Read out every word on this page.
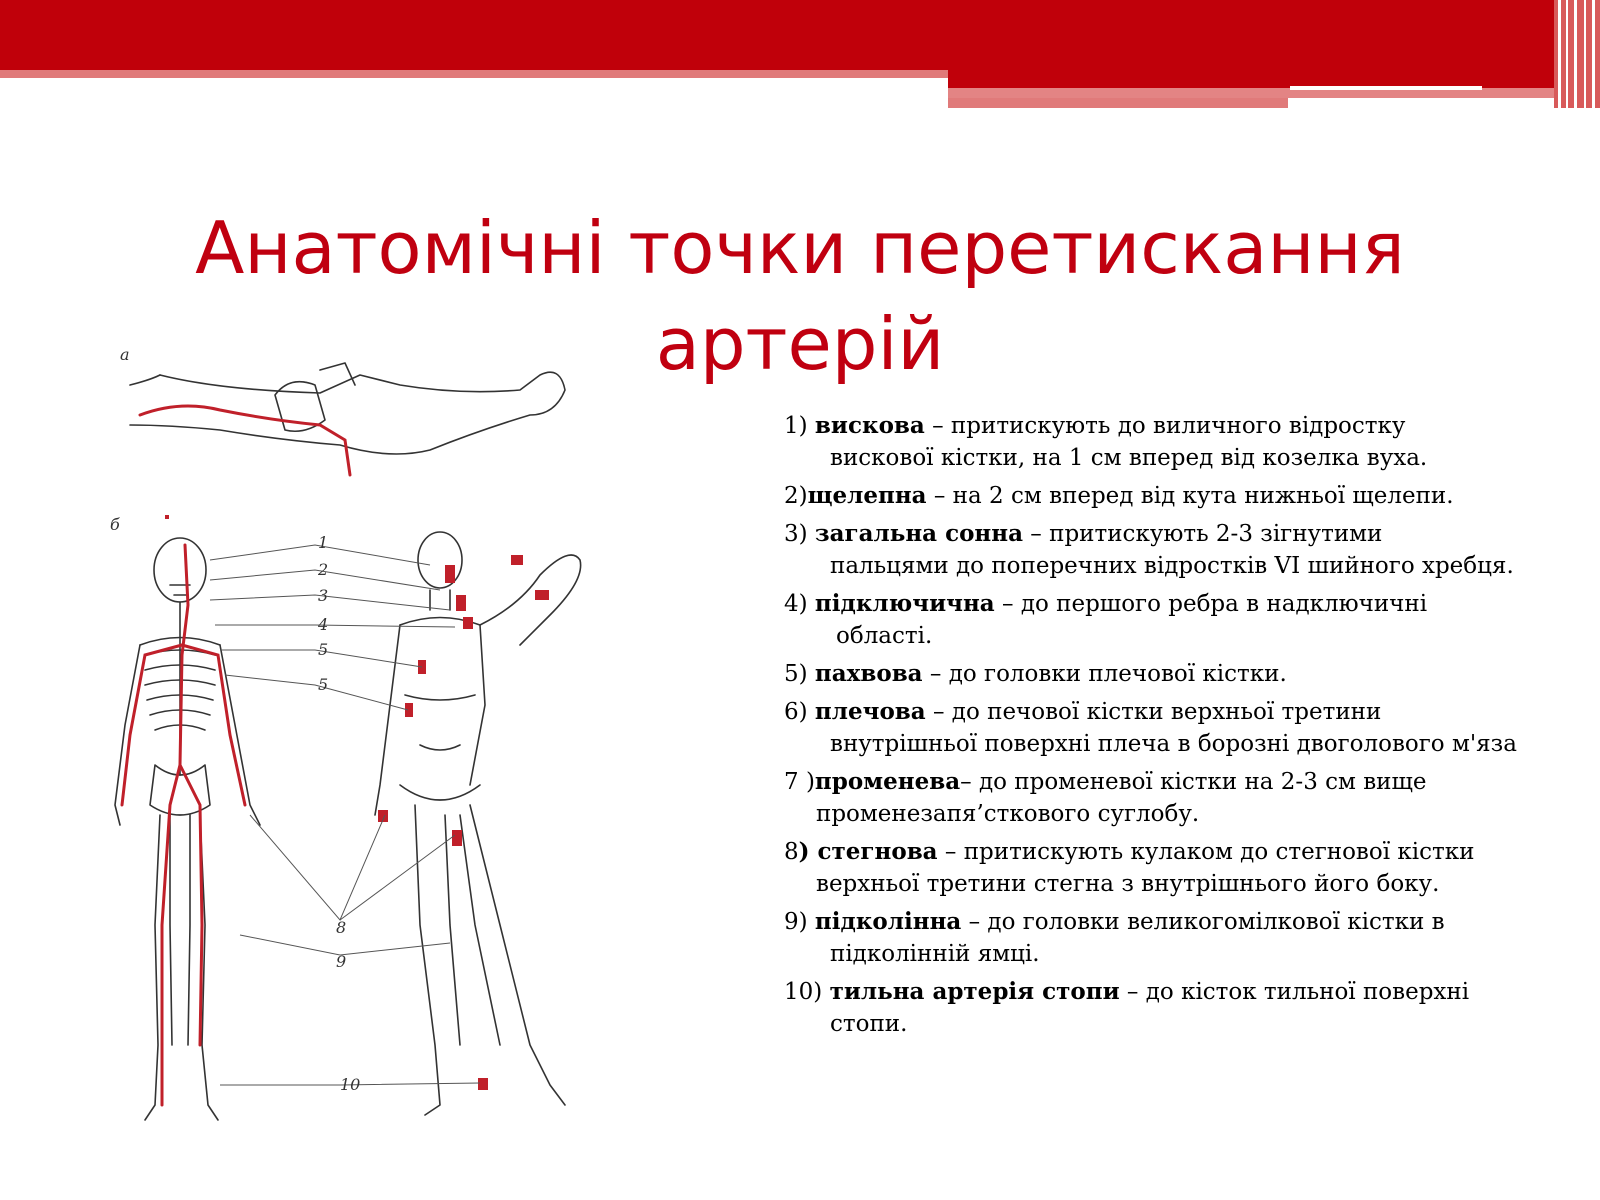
Анатомічні точки перетискання
артерій
а
б
1
2
3
4
5
5
8
9
10
1) вискова – притискують до виличного відростку
вискової кістки, на 1 см вперед від козелка вуха.
2)щелепна – на 2 см вперед від кута нижньої щелепи.
3) загальна сонна – притискують 2-3 зігнутими
пальцями до поперечних відростків VI шийного хребця.
4) підключична – до першого ребра в надключичні
області.
5) пахвова – до головки плечової кістки.
6) плечова – до печової кістки верхньої третини
внутрішньої поверхні плеча в борозні двоголового м'яза
7 )променева– до променевої кістки на 2-3 см вище
променезапя’сткового суглобу.
8) стегнова – притискують кулаком до стегнової кістки
верхньої третини стегна з внутрішнього його боку.
9) підколінна – до головки великогомілкової кістки в
підколінній ямці.
10) тильна артерія стопи – до кісток тильної поверхні
стопи.
